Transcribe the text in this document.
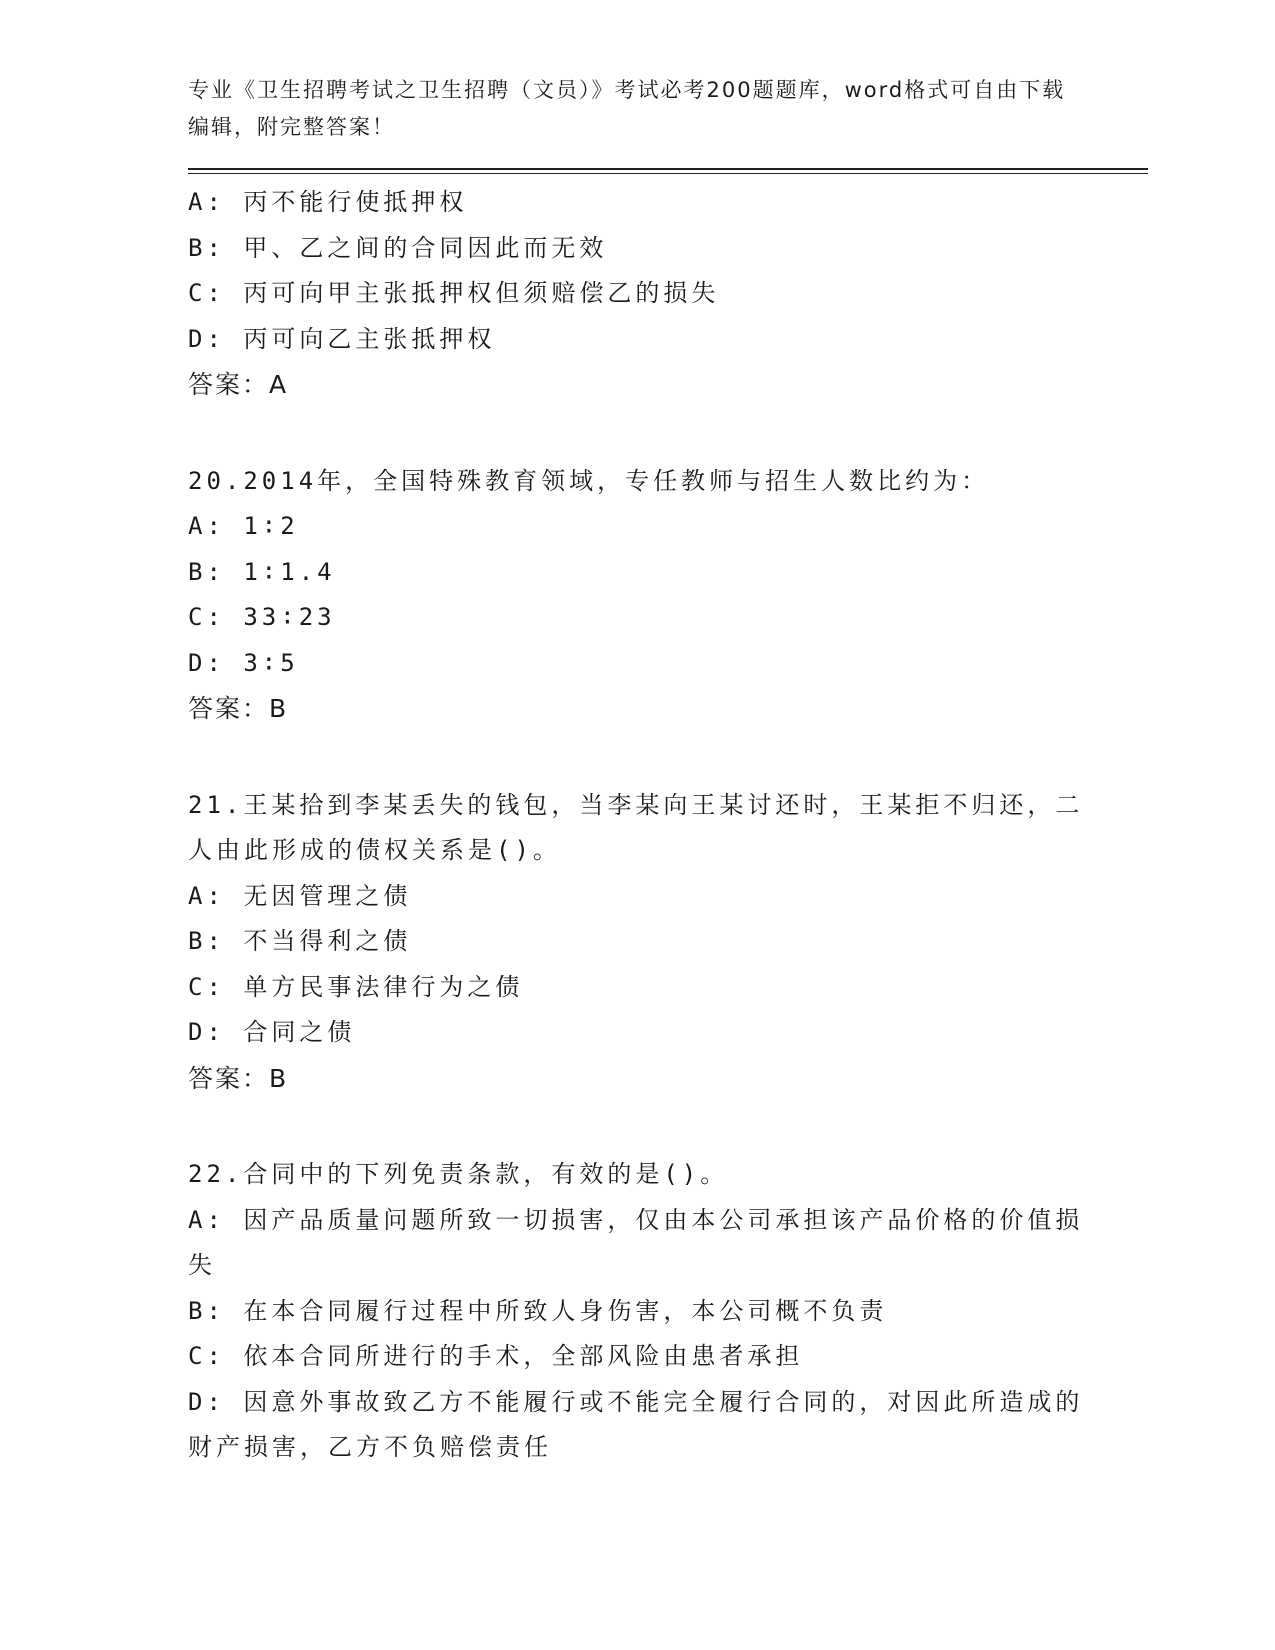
专业《卫生招聘考试之卫生招聘（文员）》考试必考200题题库，word格式可自由下载编辑，附完整答案！

A: 丙不能行使抵押权

B: 甲、乙之间的合同因此而无效

C: 丙可向甲主张抵押权但须赔偿乙的损失

D: 丙可向乙主张抵押权

答案：A

20.2014年，全国特殊教育领域，专任教师与招生人数比约为：

A: 1∶2

B: 1∶1.4

C: 33∶23

D: 3∶5

答案：B

21.王某拾到李某丢失的钱包，当李某向王某讨还时，王某拒不归还，二人由此形成的债权关系是()。

A: 无因管理之债

B: 不当得利之债

C: 单方民事法律行为之债

D: 合同之债

答案：B

22.合同中的下列免责条款，有效的是()。

A: 因产品质量问题所致一切损害，仅由本公司承担该产品价格的价值损失

B: 在本合同履行过程中所致人身伤害，本公司概不负责

C: 依本合同所进行的手术，全部风险由患者承担

D: 因意外事故致乙方不能履行或不能完全履行合同的，对因此所造成的财产损害，乙方不负赔偿责任
